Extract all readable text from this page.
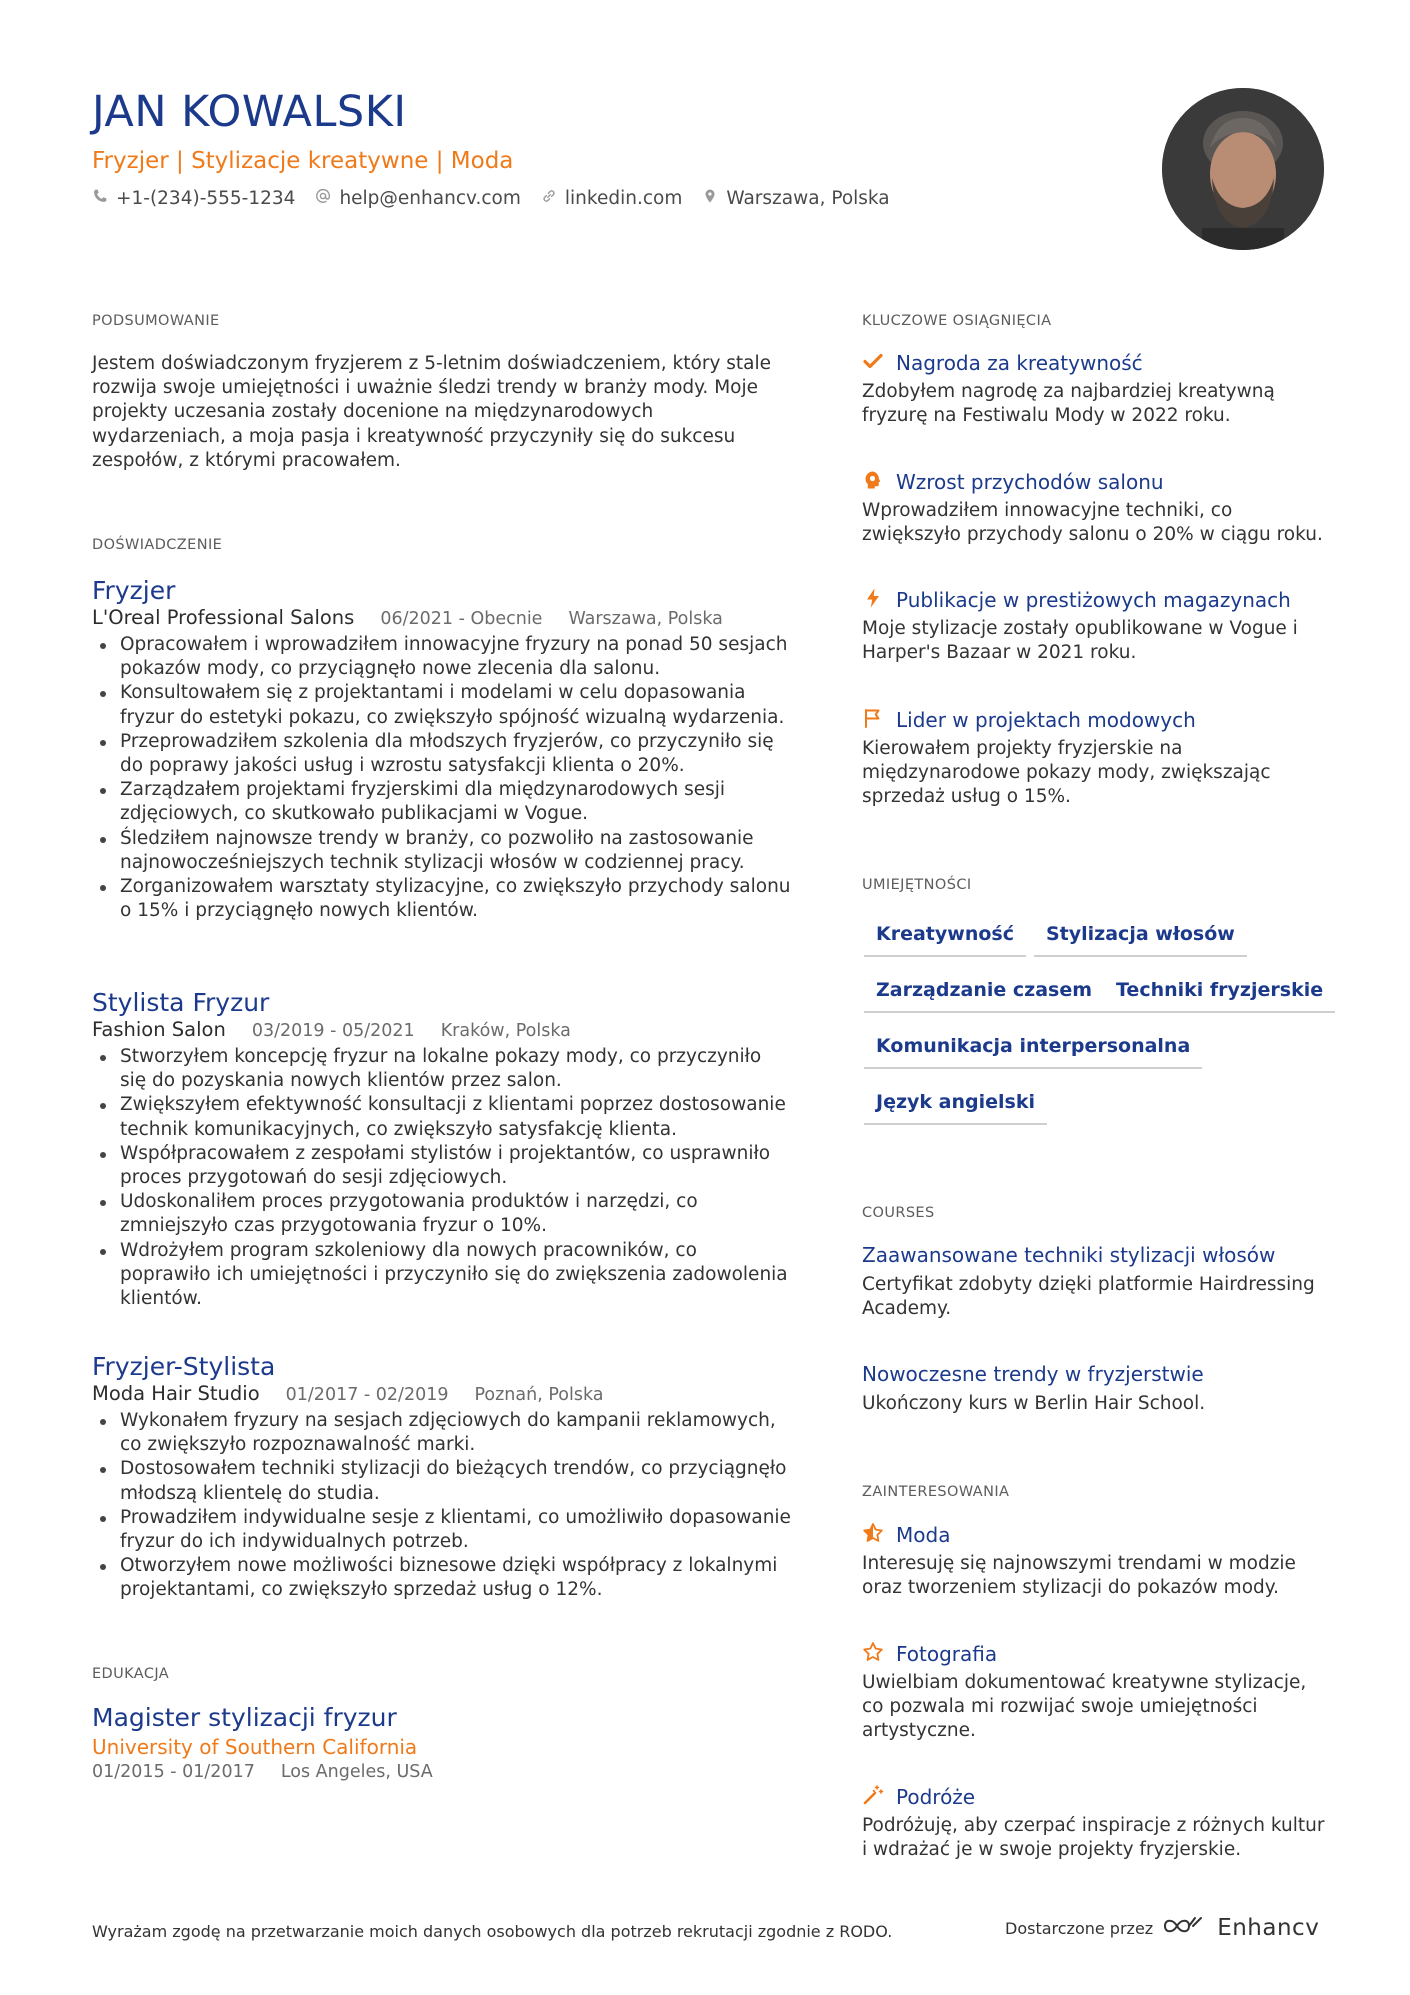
JAN KOWALSKI
Fryzjer | Stylizacje kreatywne | Moda
+1-(234)-555-1234 help@enhancv.com linkedin.com Warszawa, Polska
PODSUMOWANIE
Jestem doświadczonym fryzjerem z 5-letnim doświadczeniem, który stale rozwija swoje umiejętności i uważnie śledzi trendy w branży mody. Moje projekty uczesania zostały docenione na międzynarodowych wydarzeniach, a moja pasja i kreatywność przyczyniły się do sukcesu zespołów, z którymi pracowałem.
DOŚWIADCZENIE
Fryzjer
L'Oreal Professional Salons 06/2021 - Obecnie Warszawa, Polska
Opracowałem i wprowadziłem innowacyjne fryzury na ponad 50 sesjach pokazów mody, co przyciągnęło nowe zlecenia dla salonu.
Konsultowałem się z projektantami i modelami w celu dopasowania fryzur do estetyki pokazu, co zwiększyło spójność wizualną wydarzenia.
Przeprowadziłem szkolenia dla młodszych fryzjerów, co przyczyniło się do poprawy jakości usług i wzrostu satysfakcji klienta o 20%.
Zarządzałem projektami fryzjerskimi dla międzynarodowych sesji zdjęciowych, co skutkowało publikacjami w Vogue.
Śledziłem najnowsze trendy w branży, co pozwoliło na zastosowanie najnowocześniejszych technik stylizacji włosów w codziennej pracy.
Zorganizowałem warsztaty stylizacyjne, co zwiększyło przychody salonu o 15% i przyciągnęło nowych klientów.
Stylista Fryzur
Fashion Salon 03/2019 - 05/2021 Kraków, Polska
Stworzyłem koncepcję fryzur na lokalne pokazy mody, co przyczyniło się do pozyskania nowych klientów przez salon.
Zwiększyłem efektywność konsultacji z klientami poprzez dostosowanie technik komunikacyjnych, co zwiększyło satysfakcję klienta.
Współpracowałem z zespołami stylistów i projektantów, co usprawniło proces przygotowań do sesji zdjęciowych.
Udoskonaliłem proces przygotowania produktów i narzędzi, co zmniejszyło czas przygotowania fryzur o 10%.
Wdrożyłem program szkoleniowy dla nowych pracowników, co poprawiło ich umiejętności i przyczyniło się do zwiększenia zadowolenia klientów.
Fryzjer-Stylista
Moda Hair Studio 01/2017 - 02/2019 Poznań, Polska
Wykonałem fryzury na sesjach zdjęciowych do kampanii reklamowych, co zwiększyło rozpoznawalność marki.
Dostosowałem techniki stylizacji do bieżących trendów, co przyciągnęło młodszą klientelę do studia.
Prowadziłem indywidualne sesje z klientami, co umożliwiło dopasowanie fryzur do ich indywidualnych potrzeb.
Otworzyłem nowe możliwości biznesowe dzięki współpracy z lokalnymi projektantami, co zwiększyło sprzedaż usług o 12%.
EDUKACJA
Magister stylizacji fryzur
University of Southern California
01/2015 - 01/2017 Los Angeles, USA
KLUCZOWE OSIĄGNIĘCIA
Nagroda za kreatywność
Zdobyłem nagrodę za najbardziej kreatywną fryzurę na Festiwalu Mody w 2022 roku.
Wzrost przychodów salonu
Wprowadziłem innowacyjne techniki, co zwiększyło przychody salonu o 20% w ciągu roku.
Publikacje w prestiżowych magazynach
Moje stylizacje zostały opublikowane w Vogue i Harper's Bazaar w 2021 roku.
Lider w projektach modowych
Kierowałem projekty fryzjerskie na międzynarodowe pokazy mody, zwiększając sprzedaż usług o 15%.
UMIEJĘTNOŚCI
Kreatywność	Stylizacja włosów
Zarządzanie czasem	Techniki fryzjerskie
Komunikacja interpersonalna
Język angielski
COURSES
Zaawansowane techniki stylizacji włosów
Certyfikat zdobyty dzięki platformie Hairdressing Academy.
Nowoczesne trendy w fryzjerstwie
Ukończony kurs w Berlin Hair School.
ZAINTERESOWANIA
Moda
Interesuję się najnowszymi trendami w modzie oraz tworzeniem stylizacji do pokazów mody.
Fotografia
Uwielbiam dokumentować kreatywne stylizacje, co pozwala mi rozwijać swoje umiejętności artystyczne.
Podróże
Podróżuję, aby czerpać inspiracje z różnych kultur i wdrażać je w swoje projekty fryzjerskie.
Wyrażam zgodę na przetwarzanie moich danych osobowych dla potrzeb rekrutacji zgodnie z RODO.	Dostarczone przez	Enhancv
